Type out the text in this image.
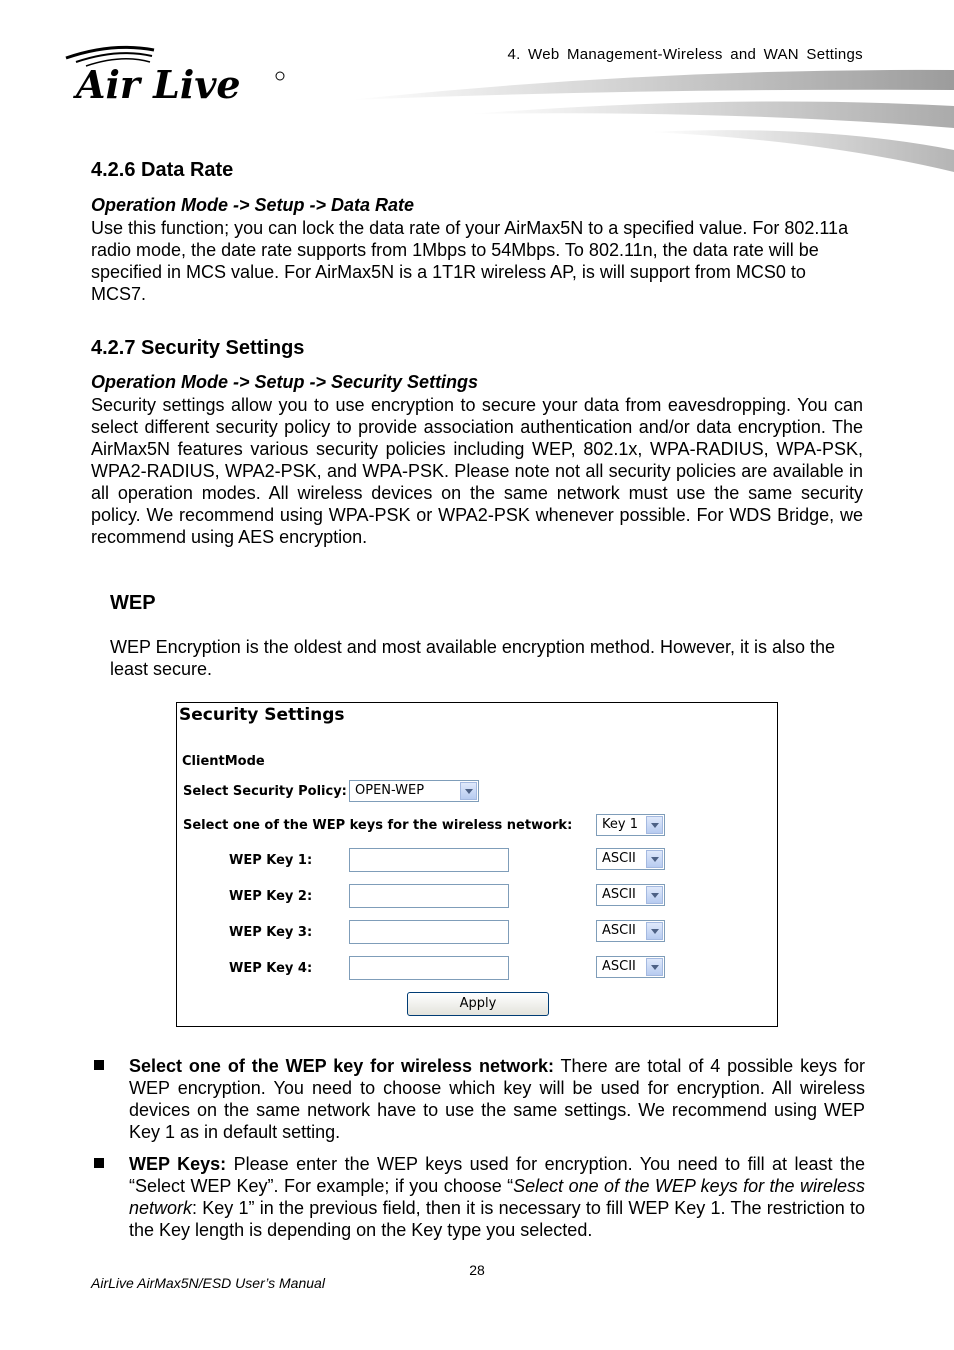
4. Web Management-Wireless and WAN Settings
Air Live
4.2.6 Data Rate
Operation Mode -> Setup -> Data Rate
Use this function; you can lock the data rate of your AirMax5N to a specified value. For 802.11a radio mode, the date rate supports from 1Mbps to 54Mbps. To 802.11n, the data rate will be specified in MCS value. For AirMax5N is a 1T1R wireless AP, is will support from MCS0 to MCS7.
4.2.7 Security Settings
Operation Mode -> Setup -> Security Settings
Security settings allow you to use encryption to secure your data from eavesdropping. You can select different security policy to provide association authentication and/or data encryption. The AirMax5N features various security policies including WEP, 802.1x, WPA-RADIUS, WPA-PSK, WPA2-RADIUS, WPA2-PSK, and WPA-PSK. Please note not all security policies are available in all operation modes. All wireless devices on the same network must use the same security policy. We recommend using WPA-PSK or WPA2-PSK whenever possible. For WDS Bridge, we recommend using AES encryption.
WEP
WEP Encryption is the oldest and most available encryption method. However, it is also the least secure.
Security Settings
ClientMode
Select Security Policy: OPEN-WEP
Select one of the WEP keys for the wireless network:	Key 1
WEP Key 1:	ASCII
WEP Key 2:	ASCII
WEP Key 3:	ASCII
WEP Key 4:	ASCII
Apply
Select one of the WEP key for wireless network: There are total of 4 possible keys for WEP encryption. You need to choose which key will be used for encryption. All wireless devices on the same network have to use the same settings. We recommend using WEP Key 1 as in default setting.
WEP Keys: Please enter the WEP keys used for encryption. You need to fill at least the “Select WEP Key”. For example; if you choose “Select one of the WEP keys for the wireless network: Key 1” in the previous field, then it is necessary to fill WEP Key 1. The restriction to the Key length is depending on the Key type you selected.
28
AirLive AirMax5N/ESD User’s Manual
